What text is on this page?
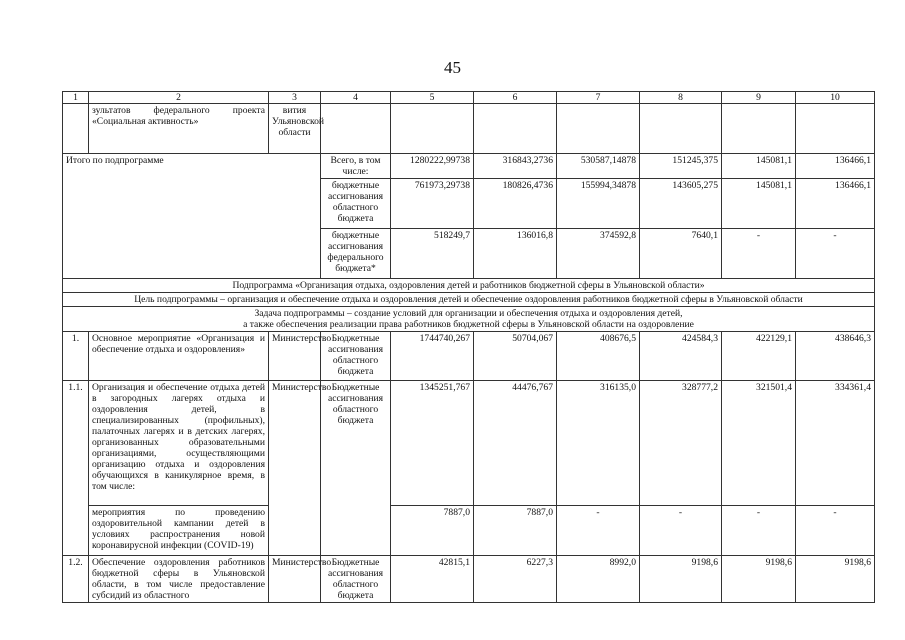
45
1	2	3	4	5	6	7	8	9	10
	зультатов федерального проекта «Социальная активность»	вития Ульяновской области							
Итого по подпрограмме			Всего, в том числе:	1280222,99738	316843,2736	530587,14878	151245,375	145081,1	136466,1
			бюджетные ассигнования областного бюджета	761973,29738	180826,4736	155994,34878	143605,275	145081,1	136466,1
			бюджетные ассигнования федерального бюджета*	518249,7	136016,8	374592,8	7640,1	-	-
Подпрограмма «Организация отдыха, оздоровления детей и работников бюджетной сферы в Ульяновской области»									
Цель подпрограммы – организация и обеспечение отдыха и оздоровления детей и обеспечение оздоровления работников бюджетной сферы в Ульяновской области									

Задача подпрограммы – создание условий для организации и обеспечения отдыха и оздоровления детей,
а также обеспечения реализации права работников бюджетной сферы в Ульяновской области на оздоровление									

1.	Основное мероприятие «Организация и обеспечение отдыха и оздоровления»	Министерство	Бюджетные ассигнования областного бюджета	1744740,267	50704,067	408676,5	424584,3	422129,1	438646,3
1.1.	Организация и обеспечение отдыха детей в загородных лагерях отдыха и оздоровления детей, в специализированных (профильных), палаточных лагерях и в детских лагерях, организованных образовательными организациями, осуществляющими организацию отдыха и оздоровления обучающихся в каникулярное время, в том числе:	Министерство	Бюджетные ассигнования областного бюджета	1345251,767	44476,767	316135,0	328777,2	321501,4	334361,4
	мероприятия по проведению оздоровительной кампании детей в условиях распространения новой коронавирусной инфекции (COVID-19)			7887,0	7887,0	-	-	-	-
1.2.	Обеспечение оздоровления работников бюджетной сферы в Ульяновской области, в том числе предоставление субсидий из областного	Министерство	Бюджетные ассигнования областного бюджета	42815,1	6227,3	8992,0	9198,6	9198,6	9198,6
